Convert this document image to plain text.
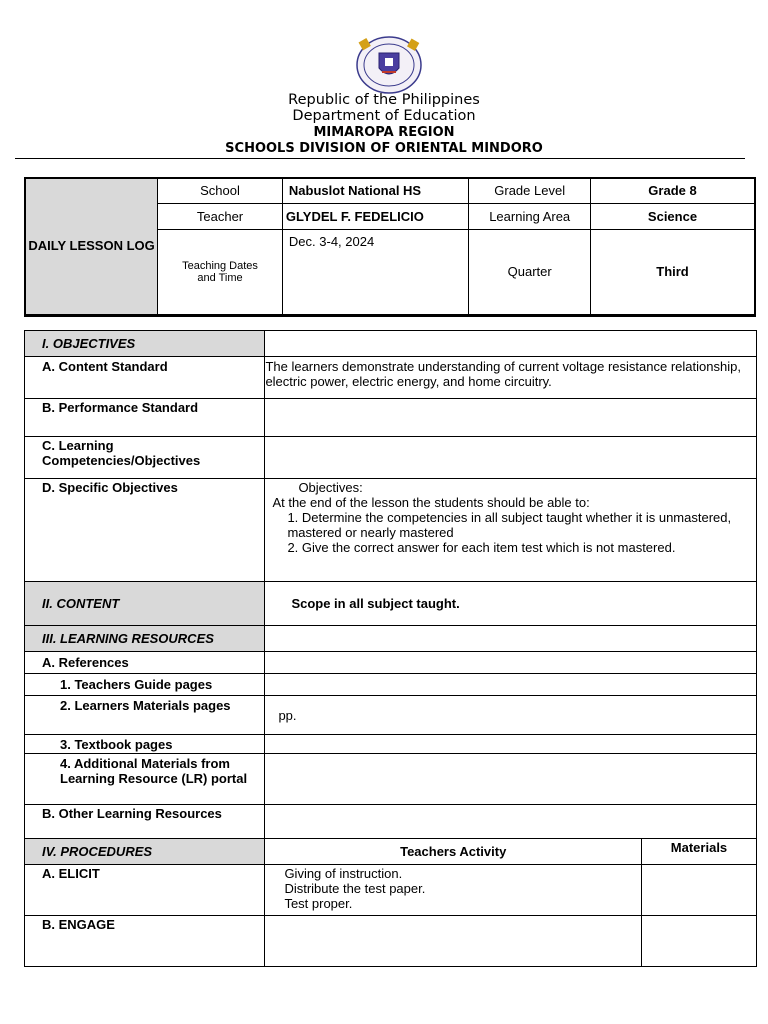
Republic of the Philippines
Department of Education
MIMAROPA REGION
SCHOOLS DIVISION OF ORIENTAL MINDORO
DAILY LESSON LOG	School	Nabuslot National HS	Grade Level	Grade 8
	Teacher	GLYDEL F. FEDELICIO	Learning Area	Science
	Teaching Dates and Time	Dec. 3-4, 2024	Quarter	Third
I. OBJECTIVES		
A. Content Standard	The learners demonstrate understanding of current voltage resistance relationship, electric power, electric energy, and home circuitry.	
B. Performance Standard		
C. Learning Competencies/Objectives		
D. Specific Objectives	Objectives:
At the end of the lesson the students should be able to:
1. Determine the competencies in all subject taught whether it is unmastered, mastered or nearly mastered
2. Give the correct answer for each item test which is not mastered.	

II. CONTENT	Scope in all subject taught.	
III. LEARNING RESOURCES		
A. References		
1. Teachers Guide pages		
2. Learners Materials pages	pp.	
3. Textbook pages		
4. Additional Materials from Learning Resource (LR) portal		
B. Other Learning Resources		
IV. PROCEDURES	Teachers Activity	Materials
A. ELICIT	Giving of instruction.
Distribute the test paper.
Test proper.	

B. ENGAGE		
